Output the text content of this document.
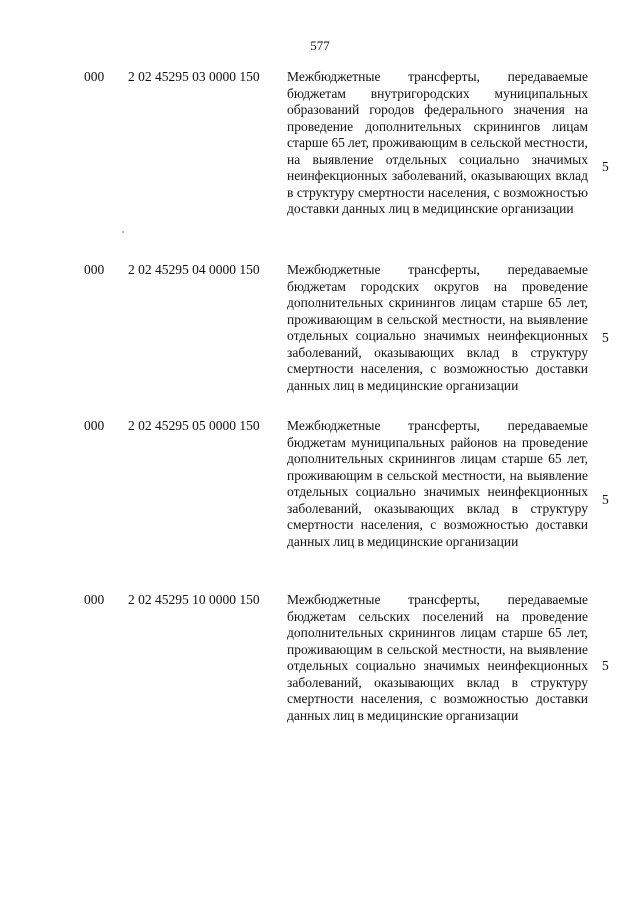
577
000 2 02 45295 03 0000 150 Межбюджетные трансферты, передаваемые бюджетам внутригородских муниципальных образований городов федерального значения на проведение дополнительных скринингов лицам старше 65 лет, проживающим в сельской местности, на выявление отдельных социально значимых неинфекционных заболеваний, оказывающих вклад в структуру смертности населения, с возможностью доставки данных лиц в медицинские организации
5
000 2 02 45295 04 0000 150 Межбюджетные трансферты, передаваемые бюджетам городских округов на проведение дополнительных скринингов лицам старше 65 лет, проживающим в сельской местности, на выявление отдельных социально значимых неинфекционных заболеваний, оказывающих вклад в структуру смертности населения, с возможностью доставки данных лиц в медицинские организации
5
000 2 02 45295 05 0000 150 Межбюджетные трансферты, передаваемые бюджетам муниципальных районов на проведение дополнительных скринингов лицам старше 65 лет, проживающим в сельской местности, на выявление отдельных социально значимых неинфекционных заболеваний, оказывающих вклад в структуру смертности населения, с возможностью доставки данных лиц в медицинские организации
5
000 2 02 45295 10 0000 150 Межбюджетные трансферты, передаваемые бюджетам сельских поселений на проведение дополнительных скринингов лицам старше 65 лет, проживающим в сельской местности, на выявление отдельных социально значимых неинфекционных заболеваний, оказывающих вклад в структуру смертности населения, с возможностью доставки данных лиц в медицинские организации
5
